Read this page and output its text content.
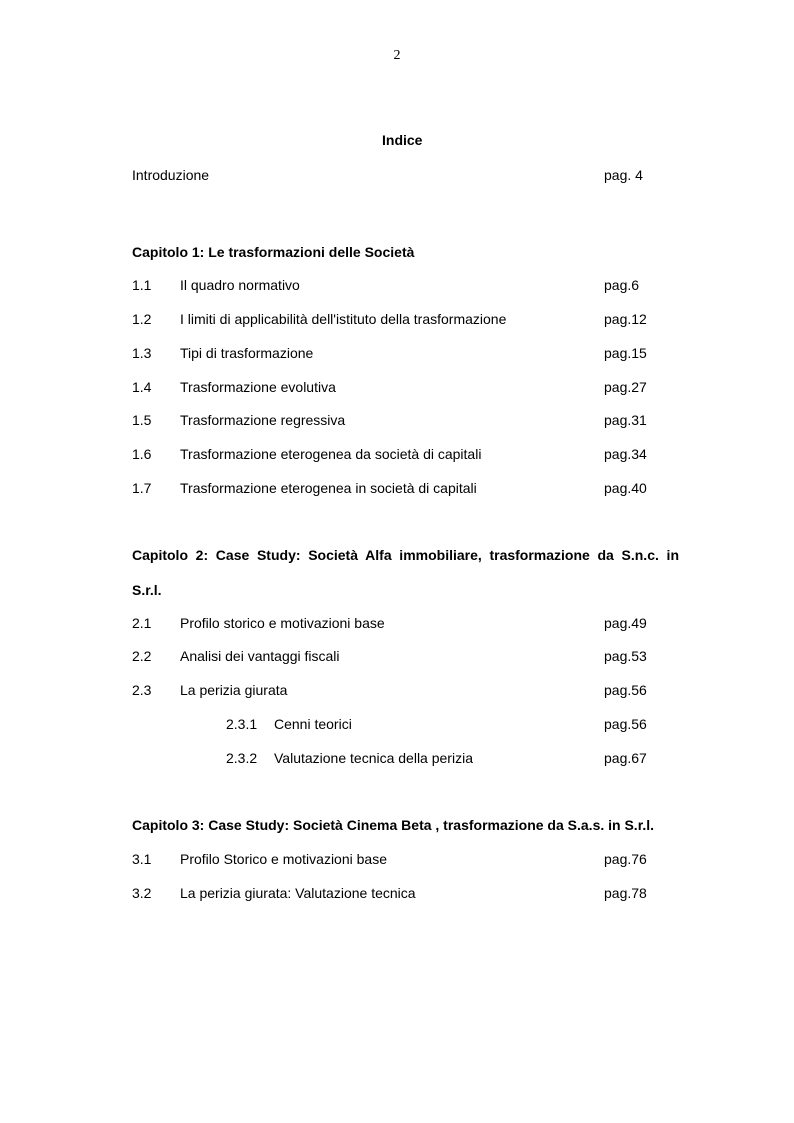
2
Indice
Introduzione	pag. 4
Capitolo 1: Le trasformazioni delle Società
1.1 Il quadro normativo	pag.6
1.2 I limiti di applicabilità dell'istituto della trasformazione	pag.12
1.3 Tipi di trasformazione	pag.15
1.4 Trasformazione evolutiva	pag.27
1.5 Trasformazione regressiva	pag.31
1.6 Trasformazione eterogenea da società di capitali	pag.34
1.7 Trasformazione eterogenea in società di capitali	pag.40
Capitolo 2: Case Study: Società Alfa immobiliare, trasformazione da S.n.c. in
S.r.l.
2.1 Profilo storico e motivazioni base	pag.49
2.2 Analisi dei vantaggi fiscali	pag.53
2.3 La perizia giurata	pag.56
2.3.1 Cenni teorici	pag.56
2.3.2 Valutazione tecnica della perizia	pag.67
Capitolo 3: Case Study: Società Cinema Beta , trasformazione da S.a.s. in S.r.l.
3.1 Profilo Storico e motivazioni base	pag.76
3.2 La perizia giurata: Valutazione tecnica	pag.78
